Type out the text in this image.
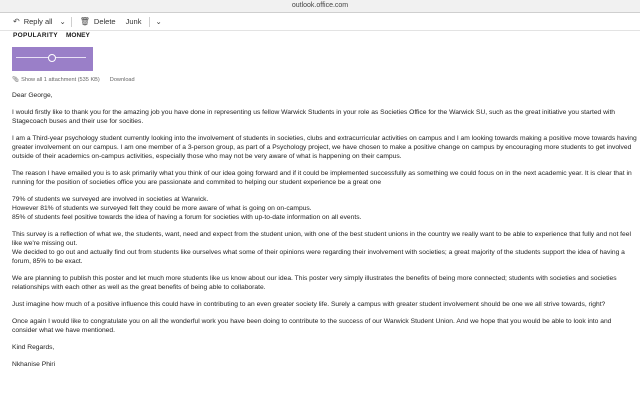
outlook.office.com
↶ Reply all ⌄ 🗑︎ Delete Junk ⌄
POPULARITY MONEY
📎︎ Show all 1 attachment (535 KB) Download

Dear George,

I would firstly like to thank you for the amazing job you have done in representing us fellow Warwick Students in your role as Societies Office for the Warwick SU, such as the great initiative you started with Stagecoach buses and their use for socities.

I am a Third-year psychology student currently looking into the involvement of students in societies, clubs and extracurricular activities on campus and I am looking towards making a positive move towards having greater involvement on our campus. I am one member of a 3-person group, as part of a Psychology project, we have chosen to make a positive change on campus by encouraging more students to get involved outside of their academics on-campus activities, especially those who may not be very aware of what is happening on their campus.

The reason I have emailed you is to ask primarily what you think of our idea going forward and if it could be implemented successfully as something we could focus on in the next academic year. It is clear that in running for the position of societies office you are passionate and commited to helping our student experience be a great one

79% of students we surveyed are involved in societies at Warwick.
However 81% of students we surveyed felt they could be more aware of what is going on on-campus.
85% of students feel positive towards the idea of having a forum for societies with up-to-date information on all events.

This survey is a reflection of what we, the students, want, need and expect from the student union, with one of the best student unions in the country we really want to be able to experience that fully and not feel like we're missing out.
We decided to go out and actually find out from students like ourselves what some of their opinions were regarding their involvement with societies; a great majority of the students support the idea of having a forum, 85% to be exact.

We are planning to publish this poster and let much more students like us know about our idea. This poster very simply illustrates the benefits of being more connected; students with societies and societies relationships with each other as well as the great benefits of being able to collaborate.

Just imagine how much of a positive influence this could have in contributing to an even greater society life. Surely a campus with greater student involvement should be one we all strive towards, right?

Once again I would like to congratulate you on all the wonderful work you have been doing to contribute to the success of our Warwick Student Union. And we hope that you would be able to look into and consider what we have mentioned.

Kind Regards,

Nkhanise Phiri
